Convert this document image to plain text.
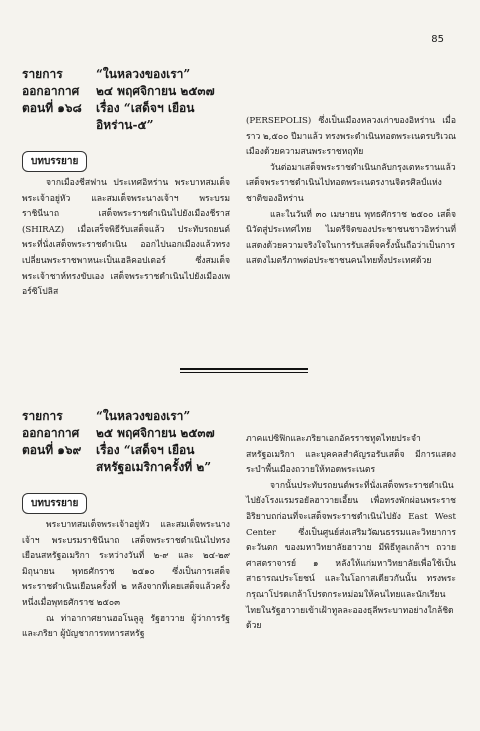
85
รายการ	“ในหลวงของเรา”
ออกอากาศ ๒๔ พฤศจิกายน ๒๕๓๗
ตอนที่ ๑๖๘ เรื่อง “เสด็จฯ เยือน
อิหร่าน-๕”
บทบรรยาย

จากเมืองชีสฟาน ประเทศอิหร่าน พระบาทสมเด็จพระเจ้าอยู่หัว และสมเด็จพระนางเจ้าฯ พระบรมราชินีนาถ เสด็จพระราชดำเนินไปยังเมืองชีราส (SHIRAZ) เมื่อเสร็จพิธีรับเสด็จแล้ว ประทับรถยนต์พระที่นั่งเสด็จพระราชดำเนิน ออกไปนอกเมืองแล้วทรงเปลี่ยนพระราชพาหนะเป็นเฮลิคอปเตอร์ ซึ่งสมเด็จพระเจ้าชาห์ทรงขับเอง เสด็จพระราชดำเนินไปยังเมืองเพอร์ซิโปลิส

(PERSEPOLIS) ซึ่งเป็นเมืองหลวงเก่าของอิหร่าน เมื่อราว ๒,๕๐๐ ปีมาแล้ว ทรงพระดำเนินทอดพระเนตรบริเวณเมืองด้วยความสนพระราชหฤทัย

วันต่อมาเสด็จพระราชดำเนินกลับกรุงเตหะรานแล้วเสด็จพระราชดำเนินไปทอดพระเนตรงานจิตรศิลป์แห่งชาติของอิหร่าน

และในวันที่ ๓๐ เมษายน พุทธศักราช ๒๕๐๐ เสด็จนิวัตสู่ประเทศไทย ไมตรีจิตของประชาชนชาวอิหร่านที่แสดงด้วยความจริงใจในการรับเสด็จครั้งนั้นถือว่าเป็นการแสดงไมตรีภาพต่อประชาชนคนไทยทั้งประเทศด้วย

รายการ	“ในหลวงของเรา”
ออกอากาศ ๒๕ พฤศจิกายน ๒๕๓๗
ตอนที่ ๑๖๙ เรื่อง “เสด็จฯ เยือน
สหรัฐอเมริกาครั้งที่ ๒”
บทบรรยาย

พระบาทสมเด็จพระเจ้าอยู่หัว และสมเด็จพระนางเจ้าฯ พระบรมราชินีนาถ เสด็จพระราชดำเนินไปทรงเยือนสหรัฐอเมริกา ระหว่างวันที่ ๒-๙ และ ๒๔-๒๙ มิถุนายน พุทธศักราช ๒๕๑๐ ซึ่งเป็นการเสด็จพระราชดำเนินเยือนครั้งที่ ๒ หลังจากที่เคยเสด็จแล้วครั้งหนึ่งเมื่อพุทธศักราช ๒๕๐๓

ณ ท่าอากาศยานฮอโนลูลู รัฐฮาวาย ผู้ว่าการรัฐและภริยา ผู้บัญชาการทหารสหรัฐ

ภาคแปซิฟิกและภริยาเอกอัครราชทูตไทยประจำสหรัฐอเมริกา และบุคคลสำคัญรอรับเสด็จ มีการแสดงระบำพื้นเมืองถวายให้ทอดพระเนตร

จากนั้นประทับรถยนต์พระที่นั่งเสด็จพระราชดำเนินไปยังโรงแรมรอยัลฮาวายเอี้ยน เพื่อทรงพักผ่อนพระราชอิริยาบถก่อนที่จะเสด็จพระราชดำเนินไปยัง East West Center ซึ่งเป็นศูนย์ส่งเสริมวัฒนธรรมและวิทยาการตะวันตก ของมหาวิทยาลัยฮาวาย มีพิธีทูลเกล้าฯ ถวายศาสตราจารย์ ๑ หลังให้แก่มหาวิทยาลัยเพื่อใช้เป็นสาธารณประโยชน์ และในโอกาสเดียวกันนั้น ทรงพระกรุณาโปรดเกล้าโปรดกระหม่อมให้คนไทยและนักเรียนไทยในรัฐฮาวายเข้าเฝ้าทูลละอองธุลีพระบาทอย่างใกล้ชิดด้วย
